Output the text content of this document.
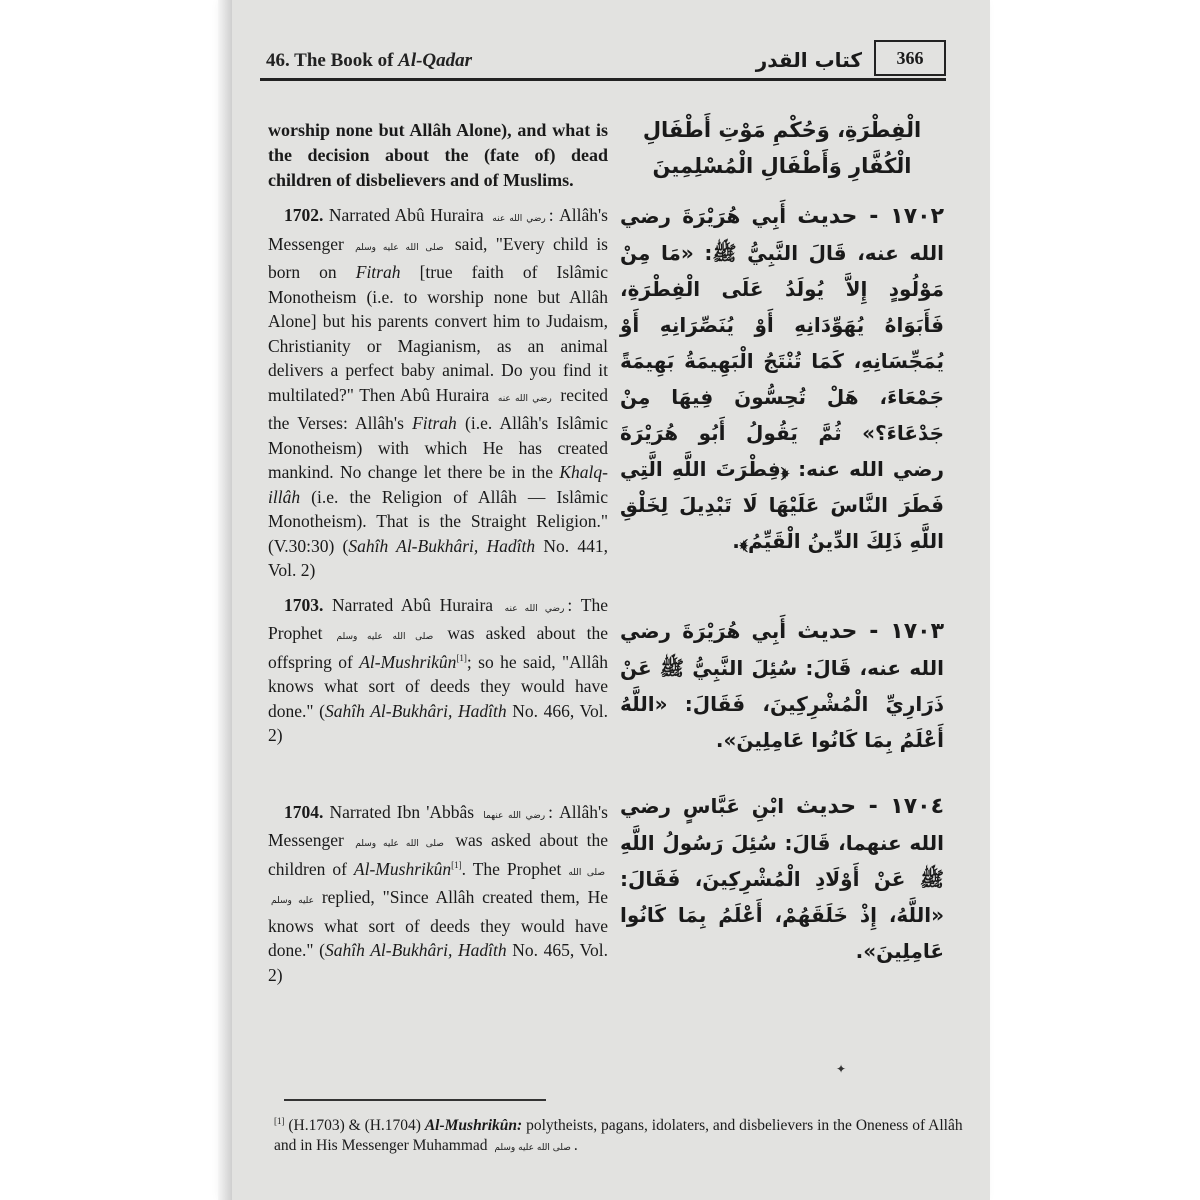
46. The Book of Al-Qadar	كتاب القدر	366

worship none but Allâh Alone), and what is the decision about the (fate of) dead children of disbelievers and of Muslims.

1702. Narrated Abû Huraira رضي الله عنه : Allâh's Messenger صلى الله عليه وسلم said, "Every child is born on Fitrah [true faith of Islâmic Monotheism (i.e. to worship none but Allâh Alone] but his parents convert him to Judaism, Christianity or Magianism, as an animal delivers a perfect baby animal. Do you find it multilated?" Then Abû Huraira رضي الله عنه recited the Verses: Allâh's Fitrah (i.e. Allâh's Islâmic Monotheism) with which He has created mankind. No change let there be in the Khalq-illâh (i.e. the Religion of Allâh — Islâmic Monotheism). That is the Straight Religion." (V.30:30) (Sahîh Al-Bukhâri, Hadîth No. 441, Vol. 2)

1703. Narrated Abû Huraira رضي الله عنه : The Prophet صلى الله عليه وسلم was asked about the offspring of Al-Mushrikûn[1]; so he said, "Allâh knows what sort of deeds they would have done." (Sahîh Al-Bukhâri, Hadîth No. 466, Vol. 2)

1704. Narrated Ibn 'Abbâs رضي الله عنهما : Allâh's Messenger صلى الله عليه وسلم was asked about the children of Al-Mushrikûn[1]. The Prophet صلى الله عليه وسلم replied, "Since Allâh created them, He knows what sort of deeds they would have done." (Sahîh Al-Bukhâri, Hadîth No. 465, Vol. 2)

الْفِطْرَةِ، وَحُكْمِ مَوْتِ أَطْفَالِ الْكُفَّارِ وَأَطْفَالِ الْمُسْلِمِينَ

١٧٠٢ - حديث أَبِي هُرَيْرَةَ رضي الله عنه، قَالَ النَّبِيُّ ﷺ: «مَا مِنْ مَوْلُودٍ إِلاَّ يُولَدُ عَلَى الْفِطْرَةِ، فَأَبَوَاهُ يُهَوِّدَانِهِ أَوْ يُنَصِّرَانِهِ أَوْ يُمَجِّسَانِهِ، كَمَا تُنْتَجُ الْبَهِيمَةُ بَهِيمَةً جَمْعَاءَ، هَلْ تُحِسُّونَ فِيهَا مِنْ جَدْعَاءَ؟» ثُمَّ يَقُولُ أَبُو هُرَيْرَةَ رضي الله عنه: ﴿فِطْرَتَ اللَّهِ الَّتِي فَطَرَ النَّاسَ عَلَيْهَا لَا تَبْدِيلَ لِخَلْقِ اللَّهِ ذَلِكَ الدِّينُ الْقَيِّمُ﴾.

١٧٠٣ - حديث أَبِي هُرَيْرَةَ رضي الله عنه، قَالَ: سُئِلَ النَّبِيُّ ﷺ عَنْ ذَرَارِيِّ الْمُشْرِكِينَ، فَقَالَ: «اللَّهُ أَعْلَمُ بِمَا كَانُوا عَامِلِينَ».

١٧٠٤ - حديث ابْنِ عَبَّاسٍ رضي الله عنهما، قَالَ: سُئِلَ رَسُولُ اللَّهِ ﷺ عَنْ أَوْلَادِ الْمُشْرِكِينَ، فَقَالَ: «اللَّهُ، إِذْ خَلَقَهُمْ، أَعْلَمُ بِمَا كَانُوا عَامِلِينَ».

✦
[1] (H.1703) & (H.1704) Al-Mushrikûn: polytheists, pagans, idolaters, and disbelievers in the Oneness of Allâh and in His Messenger Muhammad صلى الله عليه وسلم .
